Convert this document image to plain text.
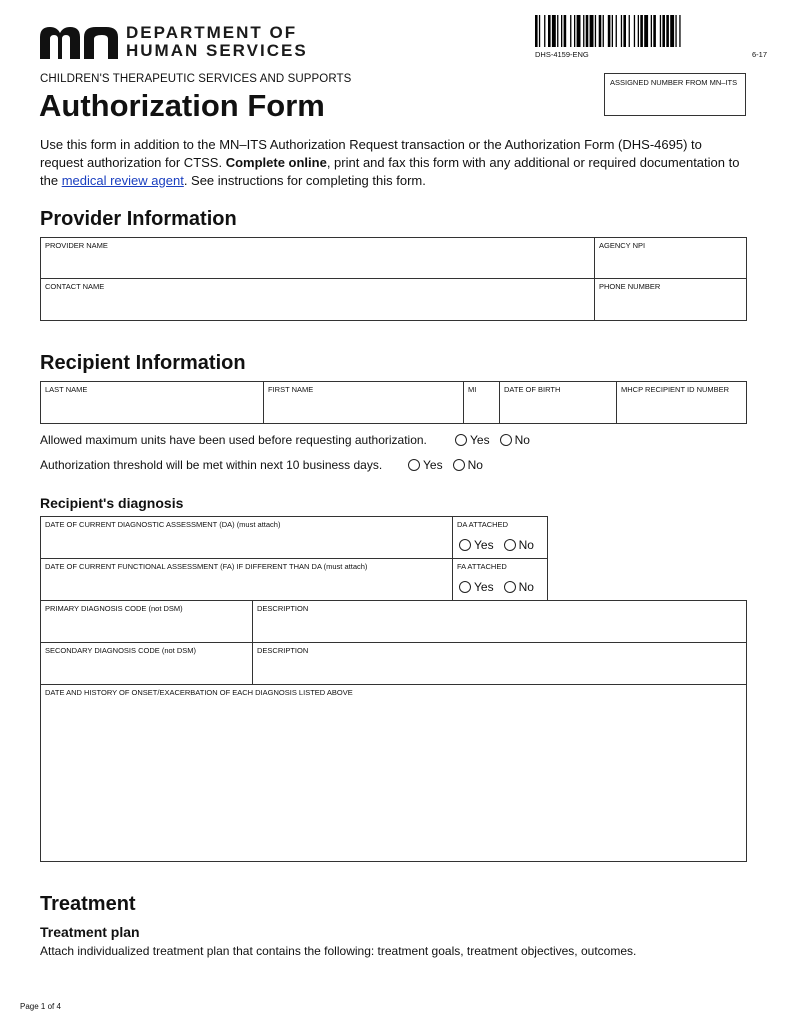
DEPARTMENT OF
HUMAN SERVICES	DHS-4159-ENG	6-17
ASSIGNED NUMBER FROM MN–ITS
CHILDREN'S THERAPEUTIC SERVICES AND SUPPORTS
Authorization Form
Use this form in addition to the MN–ITS Authorization Request transaction or the Authorization Form (DHS-4695) to request authorization for CTSS. Complete online, print and fax this form with any additional or required documentation to the medical review agent. See instructions for completing this form.
Provider Information
PROVIDER NAME	AGENCY NPI
CONTACT NAME	PHONE NUMBER
Recipient Information
LAST NAME	FIRST NAME	MI	DATE OF BIRTH	MHCP RECIPIENT ID NUMBER
Allowed maximum units have been used before requesting authorization.	Yes No
Authorization threshold will be met within next 10 business days.	Yes No
Recipient's diagnosis
DATE OF CURRENT DIAGNOSTIC ASSESSMENT (DA) (must attach)	DA ATTACHED
Yes No
DATE OF CURRENT FUNCTIONAL ASSESSMENT (FA) IF DIFFERENT THAN DA (must attach)	FA ATTACHED
Yes No
PRIMARY DIAGNOSIS CODE (not DSM)	DESCRIPTION
SECONDARY DIAGNOSIS CODE (not DSM)	DESCRIPTION
DATE AND HISTORY OF ONSET/EXACERBATION OF EACH DIAGNOSIS LISTED ABOVE
Treatment
Treatment plan
Attach individualized treatment plan that contains the following: treatment goals, treatment objectives, outcomes.
Page 1 of 4
